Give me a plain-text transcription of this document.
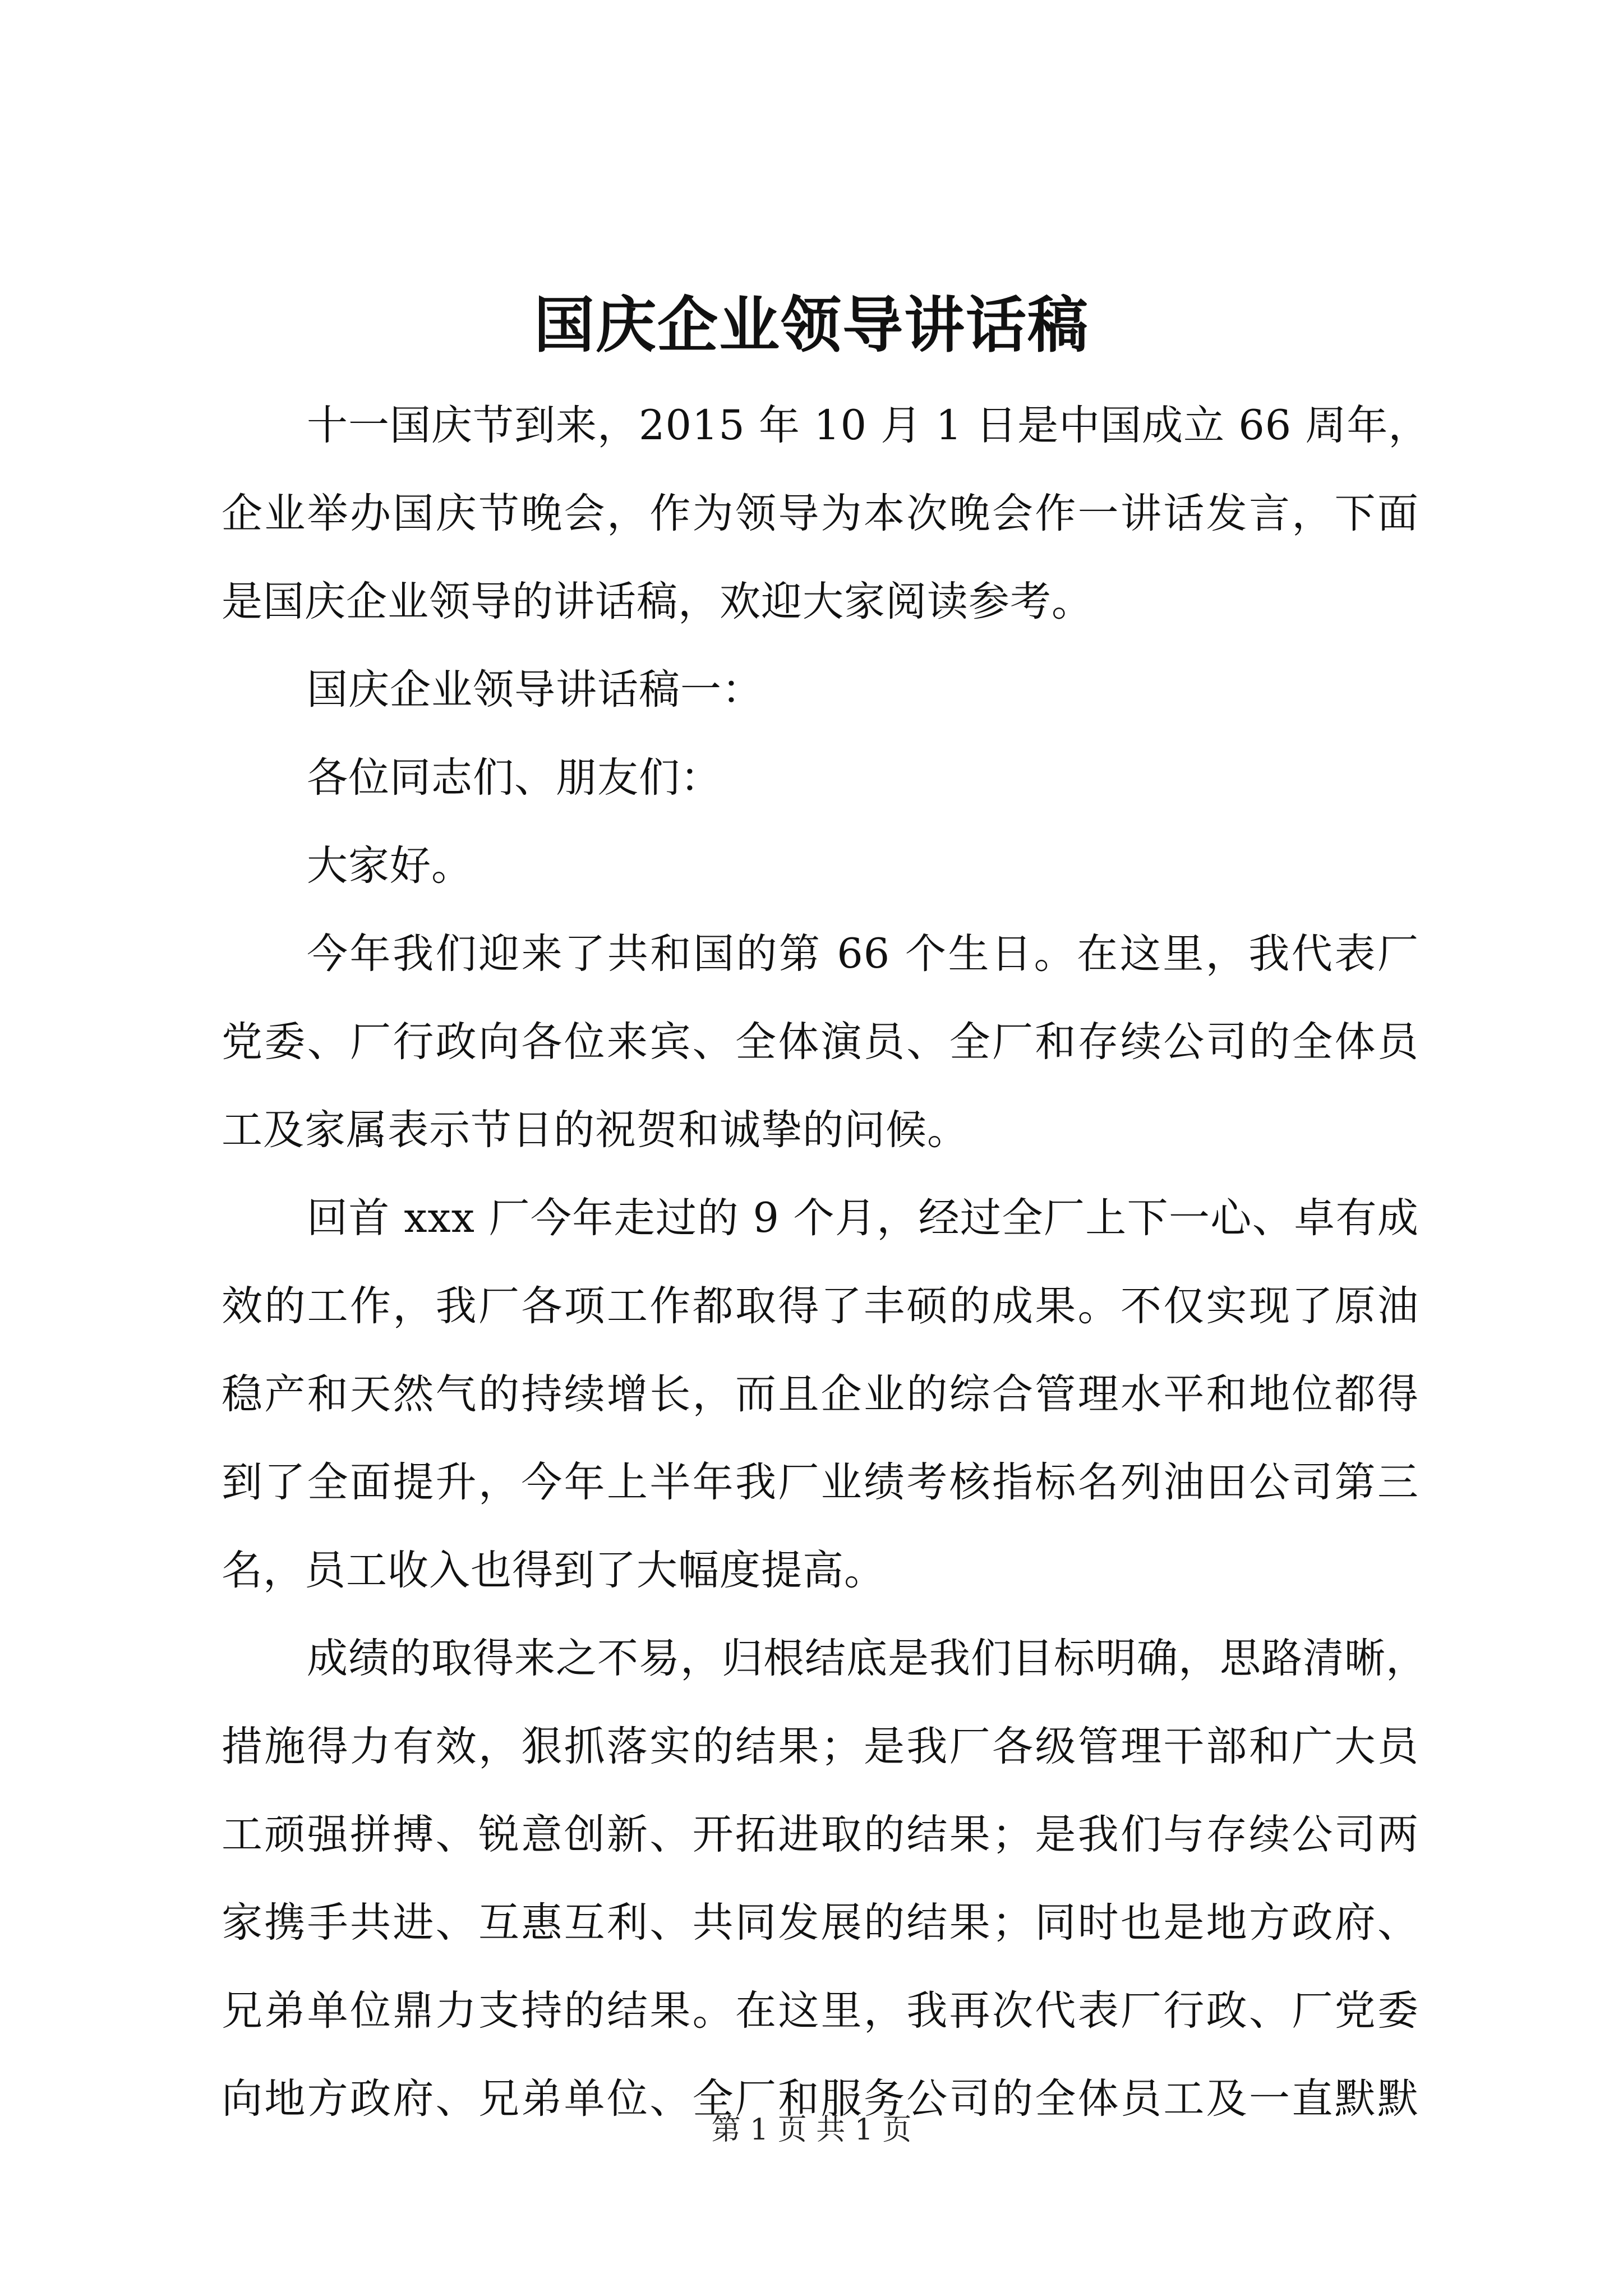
国庆企业领导讲话稿
十一国庆节到来，2015 年 10 月 1 日是中国成立 66 周年，
企业举办国庆节晚会，作为领导为本次晚会作一讲话发言，下面
是国庆企业领导的讲话稿，欢迎大家阅读参考。
国庆企业领导讲话稿一：
各位同志们、朋友们：
大家好。
今年我们迎来了共和国的第 66 个生日。在这里，我代表厂
党委、厂行政向各位来宾、全体演员、全厂和存续公司的全体员
工及家属表示节日的祝贺和诚挚的问候。
回首 xxx 厂今年走过的 9 个月，经过全厂上下一心、卓有成
效的工作，我厂各项工作都取得了丰硕的成果。不仅实现了原油
稳产和天然气的持续增长，而且企业的综合管理水平和地位都得
到了全面提升，今年上半年我厂业绩考核指标名列油田公司第三
名，员工收入也得到了大幅度提高。
成绩的取得来之不易，归根结底是我们目标明确，思路清晰，
措施得力有效，狠抓落实的结果；是我厂各级管理干部和广大员
工顽强拼搏、锐意创新、开拓进取的结果；是我们与存续公司两
家携手共进、互惠互利、共同发展的结果；同时也是地方政府、
兄弟单位鼎力支持的结果。在这里，我再次代表厂行政、厂党委
向地方政府、兄弟单位、全厂和服务公司的全体员工及一直默默
第 1 页 共 1 页
